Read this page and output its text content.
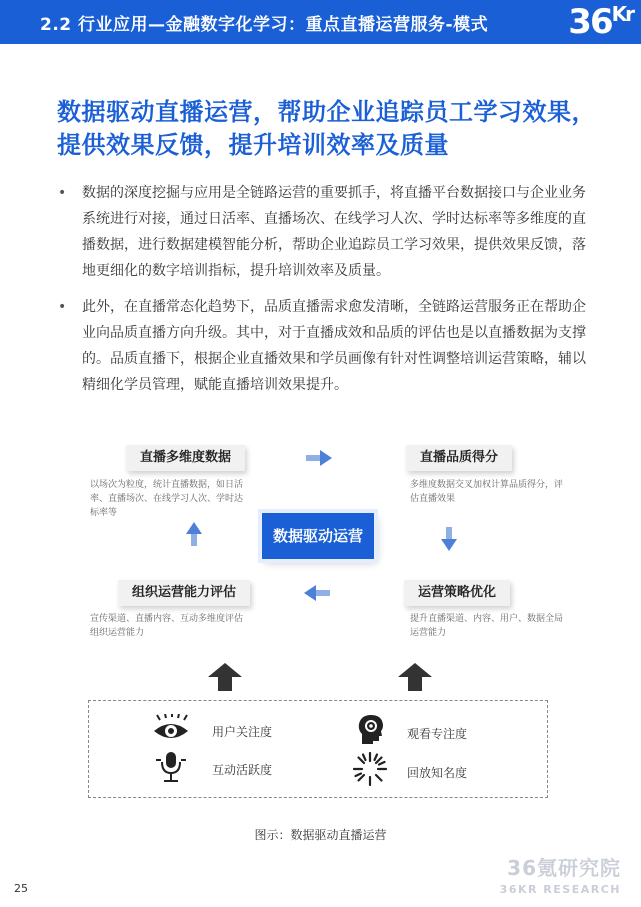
2.2 行业应用—金融数字化学习：重点直播运营服务-模式 $36^{Kr}$
数据驱动直播运营，帮助企业追踪员工学习效果，提供效果反馈，提升培训效率及质量
• 数据的深度挖掘与应用是全链路运营的重要抓手，将直播平台数据接口与企业业务系统进行对接，通过日活率、直播场次、在线学习人次、学时达标率等多维度的直播数据，进行数据建模智能分析，帮助企业追踪员工学习效果，提供效果反馈，落地更细化的数字培训指标，提升培训效率及质量。
• 此外，在直播常态化趋势下，品质直播需求愈发清晰，全链路运营服务正在帮助企业向品质直播方向升级。其中，对于直播成效和品质的评估也是以直播数据为支撑的。品质直播下，根据企业直播效果和学员画像有针对性调整培训运营策略，辅以精细化学员管理，赋能直播培训效果提升。
直播多维度数据
以场次为粒度，统计直播数据，如日活率、直播场次、在线学习人次、学时达标率等
直播品质得分
多维度数据交叉加权计算品质得分，评估直播效果
组织运营能力评估
宣传渠道、直播内容、互动多维度评估组织运营能力
运营策略优化
提升直播渠道、内容、用户、数据全局运营能力
数据驱动运营
用户关注度	观看专注度
互动活跃度	回放知名度
图示：数据驱动直播运营
36氪研究院
36KR RESEARCH
25
